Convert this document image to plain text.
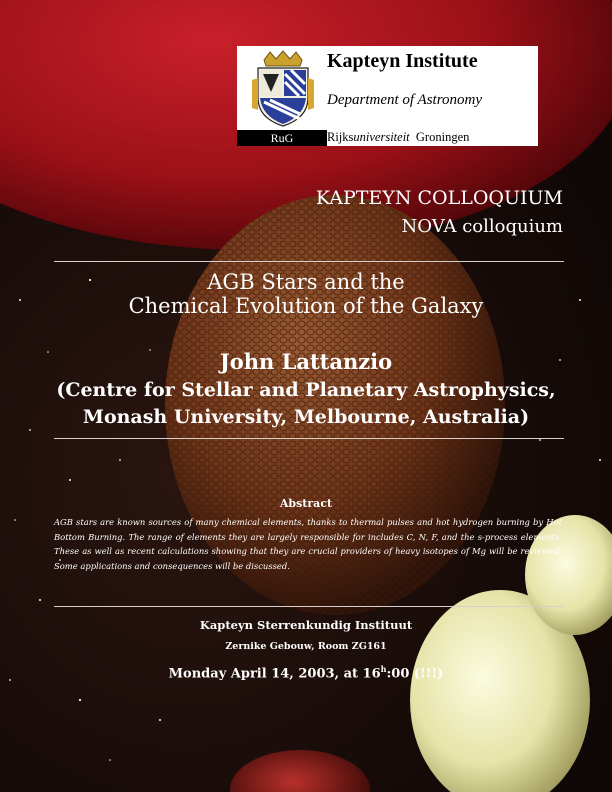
RuG
Kapteyn Institute
Department of Astronomy
Rijksuniversiteit Groningen
KAPTEYN COLLOQUIUM
NOVA colloquium
AGB Stars and the
Chemical Evolution of the Galaxy
John Lattanzio
(Centre for Stellar and Planetary Astrophysics,
Monash University, Melbourne, Australia)
Abstract
AGB stars are known sources of many chemical elements, thanks to thermal pulses and hot hydrogen burning by Hot Bottom Burning. The range of elements they are largely responsible for includes C, N, F, and the s-process elements. These as well as recent calculations showing that they are crucial providers of heavy isotopes of Mg will be reviewed. Some applications and consequences will be discussed.
Kapteyn Sterrenkundig Instituut
Zernike Gebouw, Room ZG161
Monday April 14, 2003, at 16$^h$:00 (!!!)
